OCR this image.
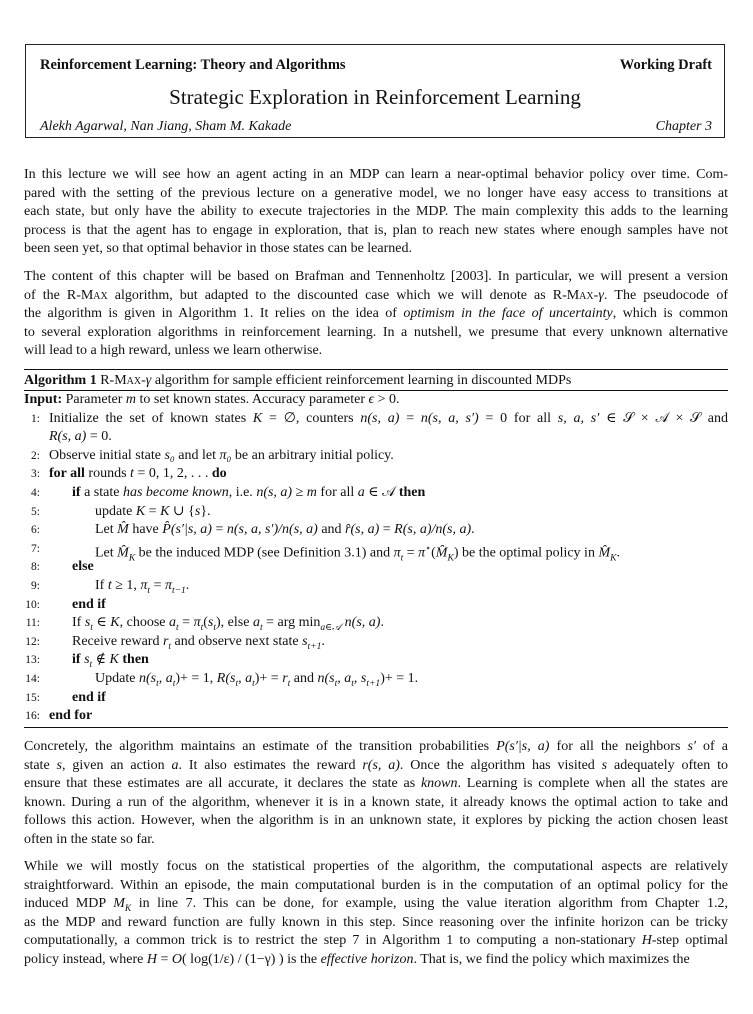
Reinforcement Learning: Theory and Algorithms	Working Draft
Strategic Exploration in Reinforcement Learning
Alekh Agarwal, Nan Jiang, Sham M. Kakade	Chapter 3
In this lecture we will see how an agent acting in an MDP can learn a near-optimal behavior policy over time. Com-
pared with the setting of the previous lecture on a generative model, we no longer have easy access to transitions at
each state, but only have the ability to execute trajectories in the MDP. The main complexity this adds to the learning
process is that the agent has to engage in exploration, that is, plan to reach new states where enough samples have not
been seen yet, so that optimal behavior in those states can be learned.
The content of this chapter will be based on Brafman and Tennenholtz [2003]. In particular, we will present a version
of the R-Max algorithm, but adapted to the discounted case which we will denote as R-Max-γ. The pseudocode of
the algorithm is given in Algorithm 1. It relies on the idea of optimism in the face of uncertainty, which is common
to several exploration algorithms in reinforcement learning. In a nutshell, we presume that every unknown alternative
will lead to a high reward, unless we learn otherwise.
Algorithm 1 R-Max-γ algorithm for sample efficient reinforcement learning in discounted MDPs
Input: Parameter m to set known states. Accuracy parameter ϵ > 0.
1: Initialize the set of known states K = ∅, counters n(s, a) = n(s, a, s′) = 0 for all s, a, s′ ∈ 𝒮 × 𝒜 × 𝒮 and
R(s, a) = 0.
2: Observe initial state s₀ and let π₀ be an arbitrary initial policy.
3: for all rounds t = 0, 1, 2, . . . do
4: if a state has become known, i.e. n(s, a) ≥ m for all a ∈ 𝒜 then
5:	update K = K ∪ {s}.
6:	Let M̂ have P̂(s′|s, a) = n(s, a, s′)/n(s, a) and r̂(s, a) = R(s, a)/n(s, a).
7:	Let $M̂_K$ be the induced MDP (see Definition 3.1) and $\pi_t$ = $\pi^⋆(M̂_K)$ be the optimal policy in $M̂_K$.
8: else
9:	If t ≥ 1, $\pi_t = \pi_{t-1}$.
10: end if
11: If $s_t$ ∈ K, choose $a_t = \pi_t(s_t)$, else $a_t$ = arg $\min_{a\in 𝒜} n(s$, a).
12: Receive reward $r_t$ and observe next state $s_{t+1}$.
13: if $s_t$ ∉ K then
14:	Update $n(s_t$, $a_t)+ = 1$, $R(s_t$, $a_t)+ = r_t$ and $n(s_t$, $a_t$, $s_{t+1})+ = 1$.
15: end if
16: end for
Concretely, the algorithm maintains an estimate of the transition probabilities P(s′|s, a) for all the neighbors s′ of a
state s, given an action a. It also estimates the reward r(s, a). Once the algorithm has visited s adequately often to
ensure that these estimates are all accurate, it declares the state as known. Learning is complete when all the states are
known. During a run of the algorithm, whenever it is in a known state, it already knows the optimal action to take and
follows this action. However, when the algorithm is in an unknown state, it explores by picking the action chosen least
often in the state so far.
While we will mostly focus on the statistical properties of the algorithm, the computational aspects are relatively
straightforward. Within an episode, the main computational burden is in the computation of an optimal policy for the
induced MDP $M_K$ in line 7. This can be done, for example, using the value iteration algorithm from Chapter 1.2,
as the MDP and reward function are fully known in this step. Since reasoning over the infinite horizon can be tricky
computationally, a common trick is to restrict the step 7 in Algorithm 1 to computing a non-stationary H-step optimal
policy instead, where H = O( log(1/ε) / (1−γ) ) is the effective horizon. That is, we find the policy which maximizes the
